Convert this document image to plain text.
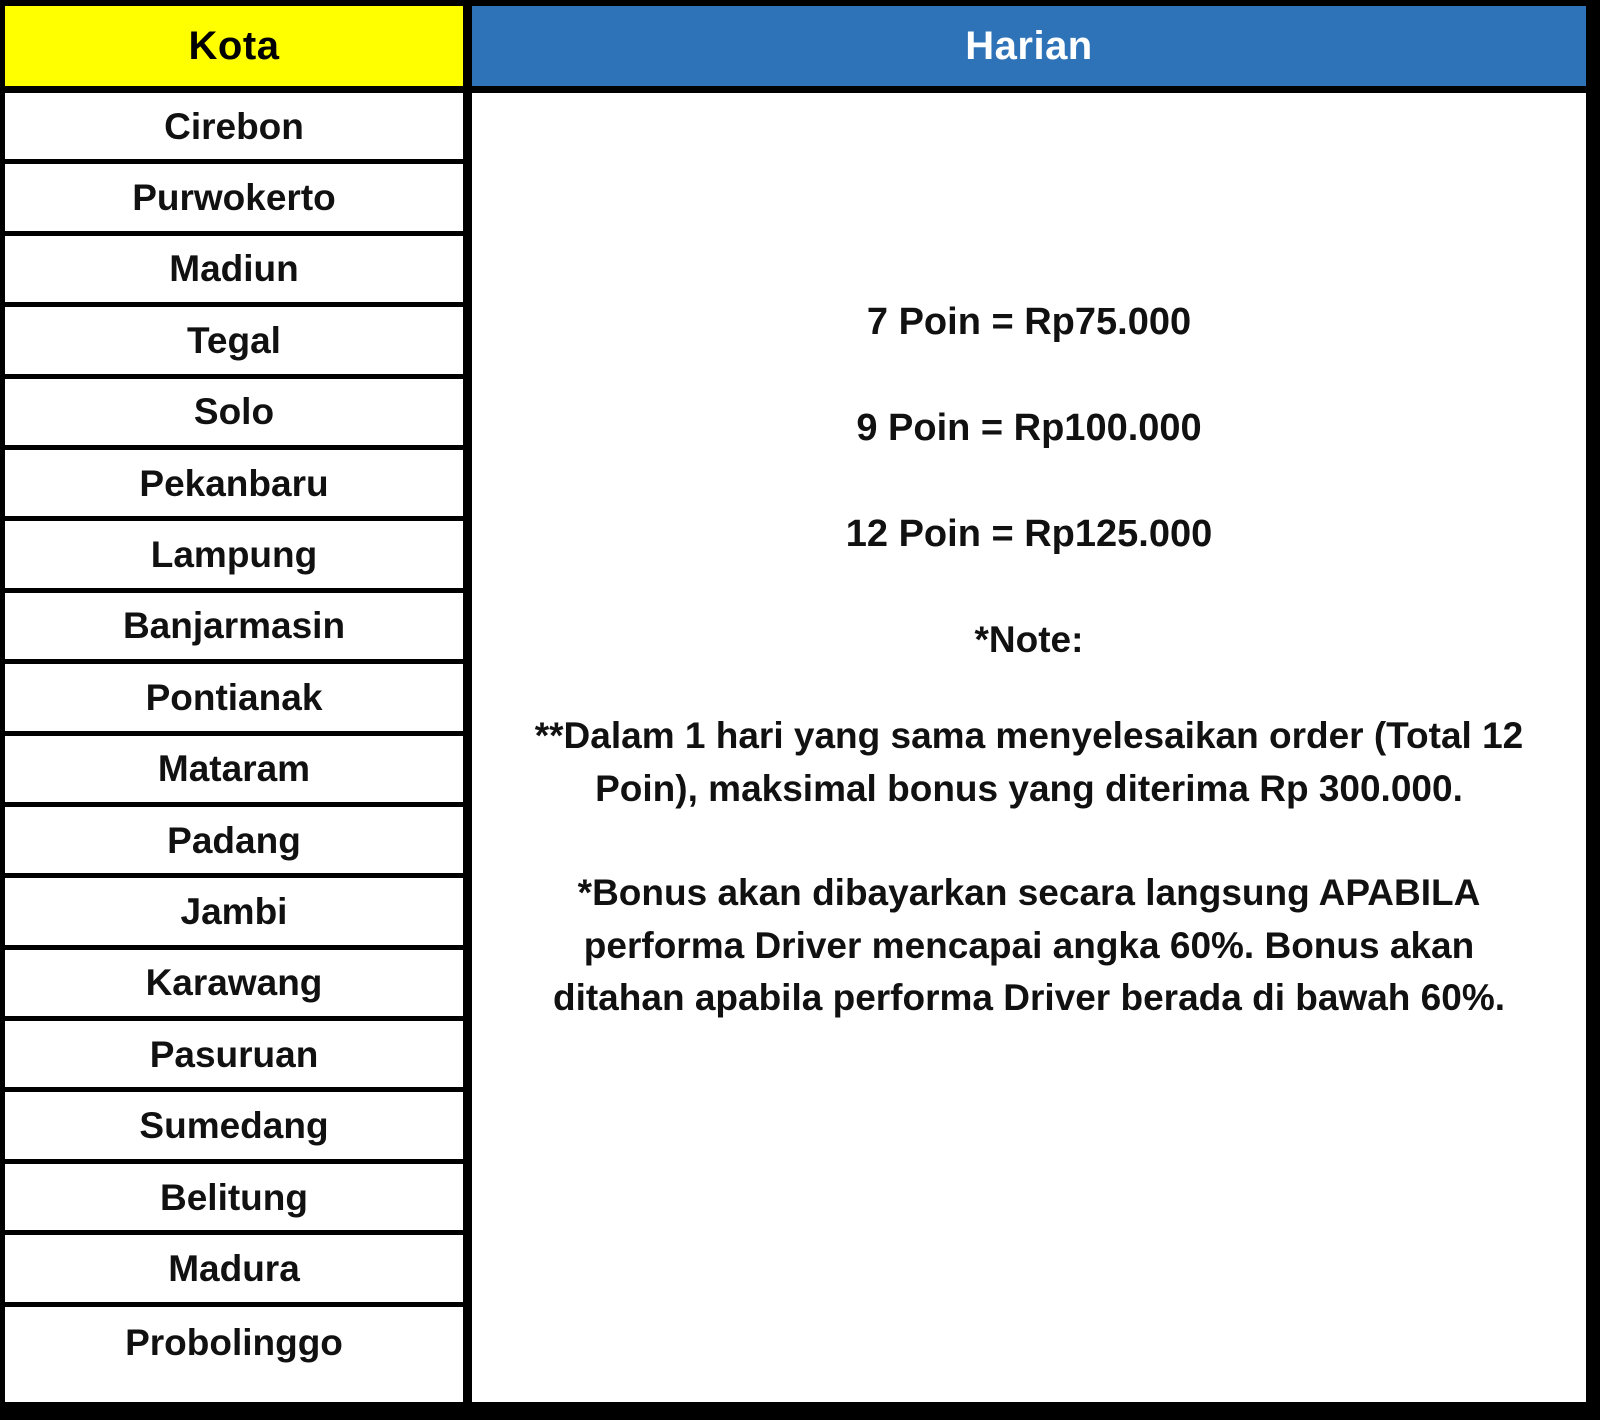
Kota
Cirebon
Purwokerto
Madiun
Tegal
Solo
Pekanbaru
Lampung
Banjarmasin
Pontianak
Mataram
Padang
Jambi
Karawang
Pasuruan
Sumedang
Belitung
Madura
Probolinggo
Harian
7 Poin = Rp75.000
9 Poin = Rp100.000
12 Poin = Rp125.000
*Note:
**Dalam 1 hari yang sama menyelesaikan order (Total 12 Poin), maksimal bonus yang diterima Rp 300.000.
*Bonus akan dibayarkan secara langsung APABILA performa Driver mencapai angka 60%. Bonus akan ditahan apabila performa Driver berada di bawah 60%.
